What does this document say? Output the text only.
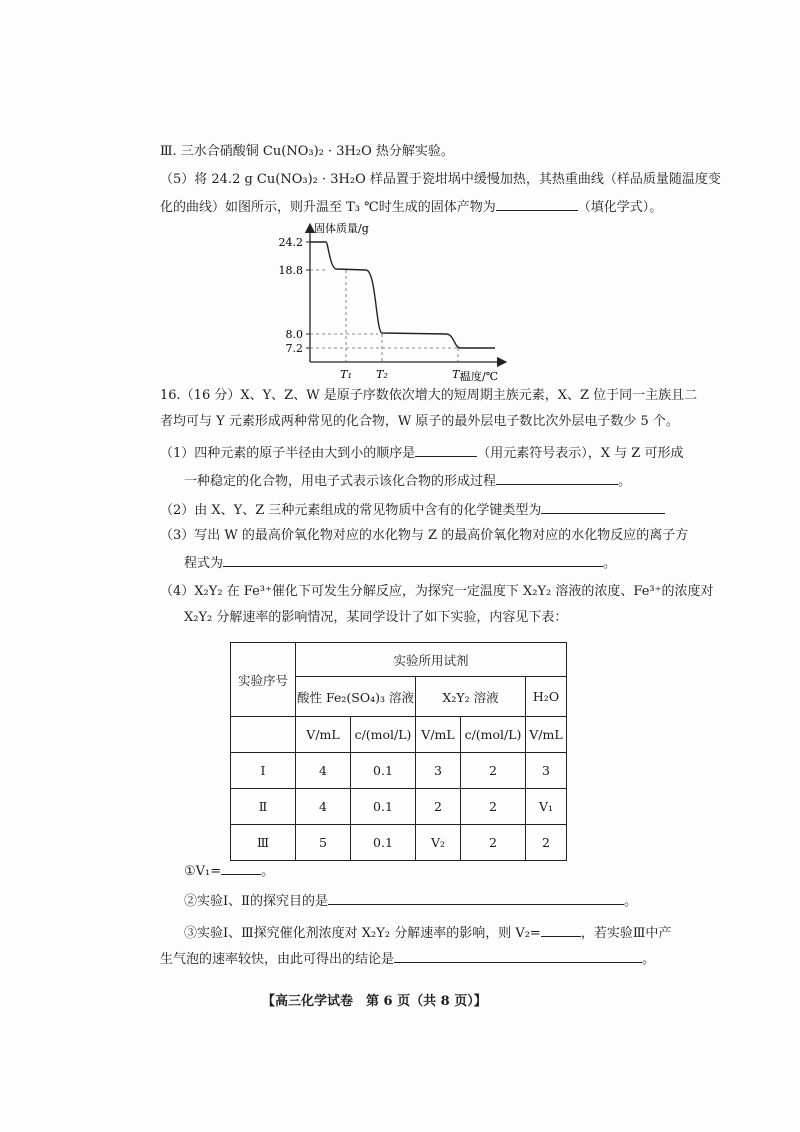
Ⅲ. 三水合硝酸铜 Cu(NO₃)₂ · 3H₂O 热分解实验。
（5）将 24.2 g Cu(NO₃)₂ · 3H₂O 样品置于瓷坩埚中缓慢加热，其热重曲线（样品质量随温度变
化的曲线）如图所示，则升温至 T₃ ℃时生成的固体产物为	（填化学式）。
固体质量/g
温度/℃
24.2
18.8
8.0
7.2
T₁ T₂	T₃
16.（16 分）X、Y、Z、W 是原子序数依次增大的短周期主族元素，X、Z 位于同一主族且二
者均可与 Y 元素形成两种常见的化合物，W 原子的最外层电子数比次外层电子数少 5 个。
（1）四种元素的原子半径由大到小的顺序是	（用元素符号表示），X 与 Z 可形成
一种稳定的化合物，用电子式表示该化合物的形成过程	。
（2）由 X、Y、Z 三种元素组成的常见物质中含有的化学键类型为
（3）写出 W 的最高价氧化物对应的水化物与 Z 的最高价氧化物对应的水化物反应的离子方
程式为	。
（4）X₂Y₂ 在 Fe³⁺催化下可发生分解反应，为探究一定温度下 X₂Y₂ 溶液的浓度、Fe³⁺的浓度对
X₂Y₂ 分解速率的影响情况，某同学设计了如下实验，内容见下表：
实验序号	实验所用试剂				
	酸性 Fe₂(SO₄)₃ 溶液		X₂Y₂ 溶液		H₂O
	V/mL	c/(mol/L)	V/mL	c/(mol/L)	V/mL
Ⅰ	4	0.1	3	2	3
Ⅱ	4	0.1	2	2	V₁
Ⅲ	5	0.1	V₂	2	2
①V₁=	。
②实验Ⅰ、Ⅱ的探究目的是	。
③实验Ⅰ、Ⅲ探究催化剂浓度对 X₂Y₂ 分解速率的影响，则 V₂=	，若实验Ⅲ中产
生气泡的速率较快，由此可得出的结论是	。
【高三化学试卷　第 6 页（共 8 页）】
